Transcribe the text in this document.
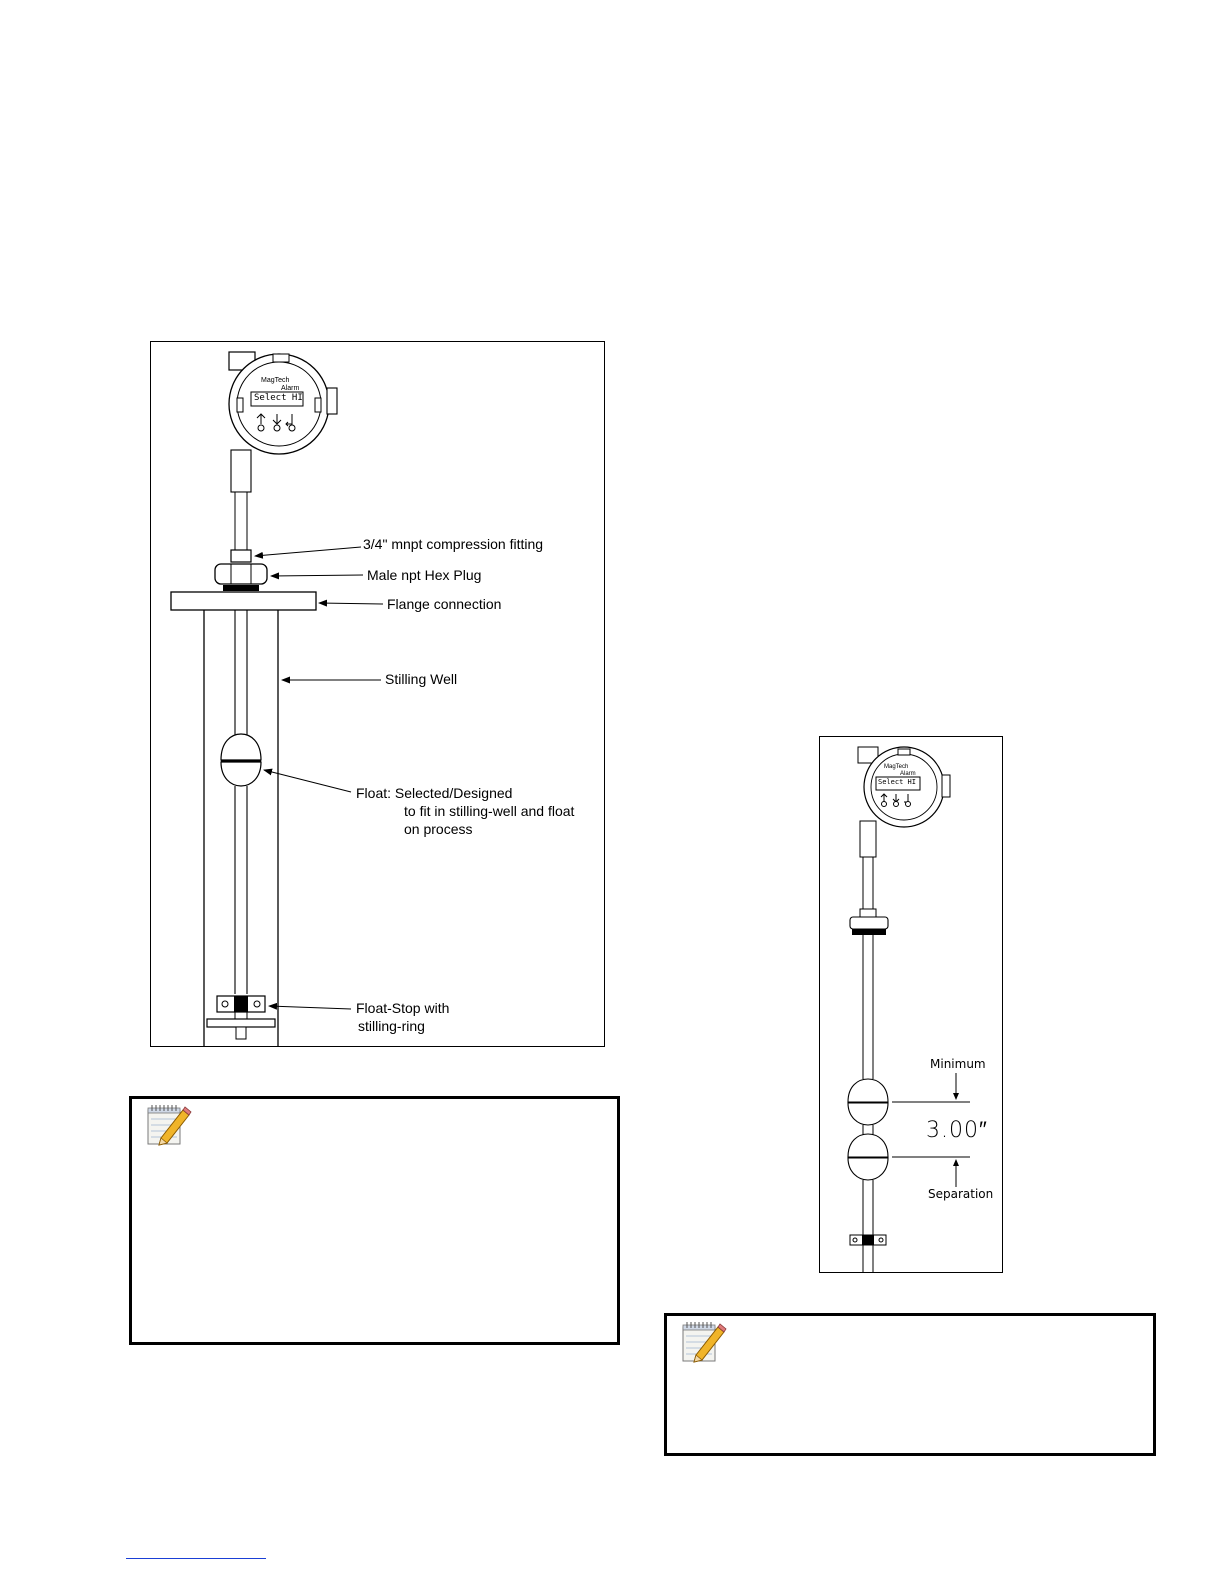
MagTech
Alarm
Select HI
3/4" mnpt compression fitting
Male npt Hex Plug
Flange connection
Stilling Well
Float: Selected/Designed
to fit in stilling-well and float
on process
Float-Stop with
stilling-ring
MagTech
Alarm
Select HI
Minimum
3.00″
Separation
